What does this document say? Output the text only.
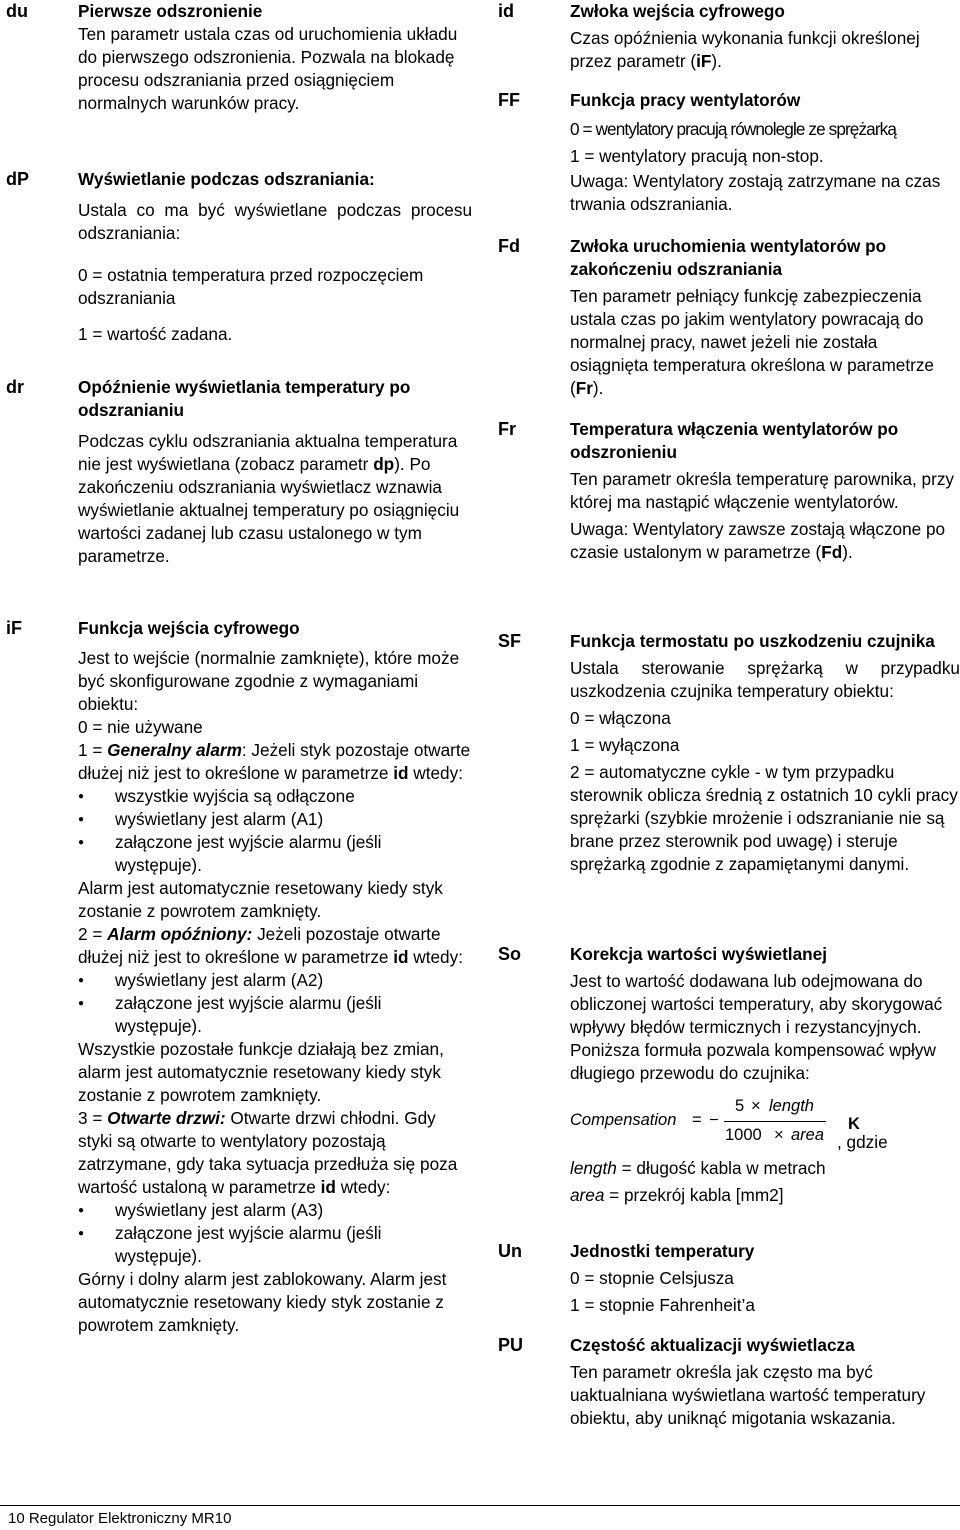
du	Pierwsze odszronienie

Ten parametr ustala czas od uruchomienia układu do pierwszego odszronienia. Pozwala na blokadę procesu odszraniania przed osiągnięciem normalnych warunków pracy.

dP	Wyświetlanie podczas odszraniania:

Ustala co ma być wyświetlane podczas procesu odszraniania:

0 = ostatnia temperatura przed rozpoczęciem odszraniania

1 = wartość zadana.

dr	Opóźnienie wyświetlania temperatury po odszranianiu

Podczas cyklu odszraniania aktualna temperatura nie jest wyświetlana (zobacz parametr dp). Po zakończeniu odszraniania wyświetlacz wznawia wyświetlanie aktualnej temperatury po osiągnięciu wartości zadanej lub czasu ustalonego w tym parametrze.

iF	Funkcja wejścia cyfrowego

Jest to wejście (normalnie zamknięte), które może być skonfigurowane zgodnie z wymaganiami obiektu:

0 = nie używane

1 = Generalny alarm: Jeżeli styk pozostaje otwarte dłużej niż jest to określone w parametrze id wtedy:

● wszystkie wyjścia są odłączone
● wyświetlany jest alarm (A1)
● załączone jest wyjście alarmu (jeśli występuje).

Alarm jest automatycznie resetowany kiedy styk zostanie z powrotem zamknięty.

2 = Alarm opóźniony: Jeżeli pozostaje otwarte dłużej niż jest to określone w parametrze id wtedy:

● wyświetlany jest alarm (A2)
● załączone jest wyjście alarmu (jeśli występuje).

Wszystkie pozostałe funkcje działają bez zmian, alarm jest automatycznie resetowany kiedy styk zostanie z powrotem zamknięty.

3 = Otwarte drzwi: Otwarte drzwi chłodni. Gdy styki są otwarte to wentylatory pozostają zatrzymane, gdy taka sytuacja przedłuża się poza wartość ustaloną w parametrze id wtedy:

● wyświetlany jest alarm (A3)
● załączone jest wyjście alarmu (jeśli występuje).

Górny i dolny alarm jest zablokowany. Alarm jest automatycznie resetowany kiedy styk zostanie z powrotem zamknięty.

id	Zwłoka wejścia cyfrowego

Czas opóźnienia wykonania funkcji określonej przez parametr (iF).

FF	Funkcja pracy wentylatorów

0 = wentylatory pracują równolegle ze sprężarką

1 = wentylatory pracują non-stop.

Uwaga: Wentylatory zostają zatrzymane na czas trwania odszraniania.

Fd	Zwłoka uruchomienia wentylatorów po zakończeniu odszraniania

Ten parametr pełniący funkcję zabezpieczenia ustala czas po jakim wentylatory powracają do normalnej pracy, nawet jeżeli nie została osiągnięta temperatura określona w parametrze (Fr).

Fr	Temperatura włączenia wentylatorów po odszronieniu

Ten parametr określa temperaturę parownika, przy której ma nastąpić włączenie wentylatorów.

Uwaga: Wentylatory zawsze zostają włączone po czasie ustalonym w parametrze (Fd).

SF	Funkcja termostatu po uszkodzeniu czujnika

Ustala sterowanie sprężarką w przypadku uszkodzenia czujnika temperatury obiektu:

0 = włączona

1 = wyłączona

2 = automatyczne cykle - w tym przypadku sterownik oblicza średnią z ostatnich 10 cykli pracy sprężarki (szybkie mrożenie i odszranianie nie są brane przez sterownik pod uwagę) i steruje sprężarką zgodnie z zapamiętanymi danymi.

So	Korekcja wartości wyświetlanej

Jest to wartość dodawana lub odejmowana do obliczonej wartości temperatury, aby skorygować wpływy błędów termicznych i rezystancyjnych. Poniższa formuła pozwala kompensować wpływ długiego przewodu do czujnika:

Compensation = −
5 × length
1000 × area
K
, gdzie

length = długość kabla w metrach

area = przekrój kabla [mm2]

Un	Jednostki temperatury

0 = stopnie Celsjusza

1 = stopnie Fahrenheit’a

PU	Częstość aktualizacji wyświetlacza

Ten parametr określa jak często ma być uaktualniana wyświetlana wartość temperatury obiektu, aby uniknąć migotania wskazania.

10 Regulator Elektroniczny MR10
